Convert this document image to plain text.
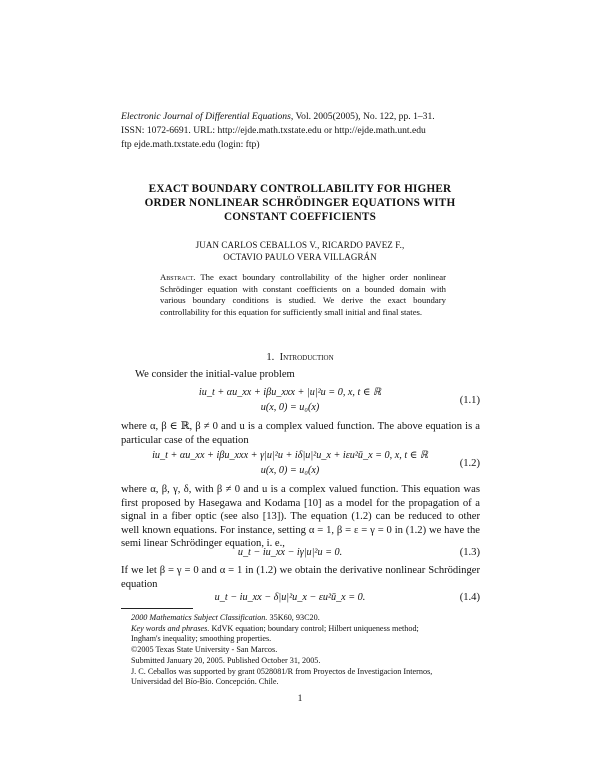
Electronic Journal of Differential Equations, Vol. 2005(2005), No. 122, pp. 1–31.
ISSN: 1072-6691. URL: http://ejde.math.txstate.edu or http://ejde.math.unt.edu
ftp ejde.math.txstate.edu (login: ftp)
EXACT BOUNDARY CONTROLLABILITY FOR HIGHER
ORDER NONLINEAR SCHRÖDINGER EQUATIONS WITH
CONSTANT COEFFICIENTS
JUAN CARLOS CEBALLOS V., RICARDO PAVEZ F.,
OCTAVIO PAULO VERA VILLAGRÁN
Abstract. The exact boundary controllability of the higher order nonlinear Schrödinger equation with constant coefficients on a bounded domain with various boundary conditions is studied. We derive the exact boundary controllability for this equation for sufficiently small initial and final states.
1. Introduction
We consider the initial-value problem
iu_t + αu_xx + iβu_xxx + |u|²u = 0, x, t ∈ ℝ
u(x, 0) = u₀(x)
(1.1)
where α, β ∈ ℝ, β ≠ 0 and u is a complex valued function. The above equation is a particular case of the equation
iu_t + αu_xx + iβu_xxx + γ|u|²u + iδ|u|²u_x + iεu²ū_x = 0, x, t ∈ ℝ
u(x, 0) = u₀(x)
(1.2)
where α, β, γ, δ, with β ≠ 0 and u is a complex valued function. This equation was first proposed by Hasegawa and Kodama [10] as a model for the propagation of a signal in a fiber optic (see also [13]). The equation (1.2) can be reduced to other well known equations. For instance, setting α = 1, β = ε = γ = 0 in (1.2) we have the semi linear Schrödinger equation, i. e.,
u_t − iu_xx − iγ|u|²u = 0.	(1.3)
If we let β = γ = 0 and α = 1 in (1.2) we obtain the derivative nonlinear Schrödinger equation
u_t − iu_xx − δ|u|²u_x − εu²ū_x = 0.	(1.4)
2000 Mathematics Subject Classification. 35K60, 93C20.
Key words and phrases. KdVK equation; boundary control; Hilbert uniqueness method;
Ingham's inequality; smoothing properties.
©2005 Texas State University - San Marcos.
Submitted January 20, 2005. Published October 31, 2005.
J. C. Ceballos was supported by grant 0528081/R from Proyectos de Investigacion Internos,
Universidad del Bío-Bío. Concepción. Chile.
1
